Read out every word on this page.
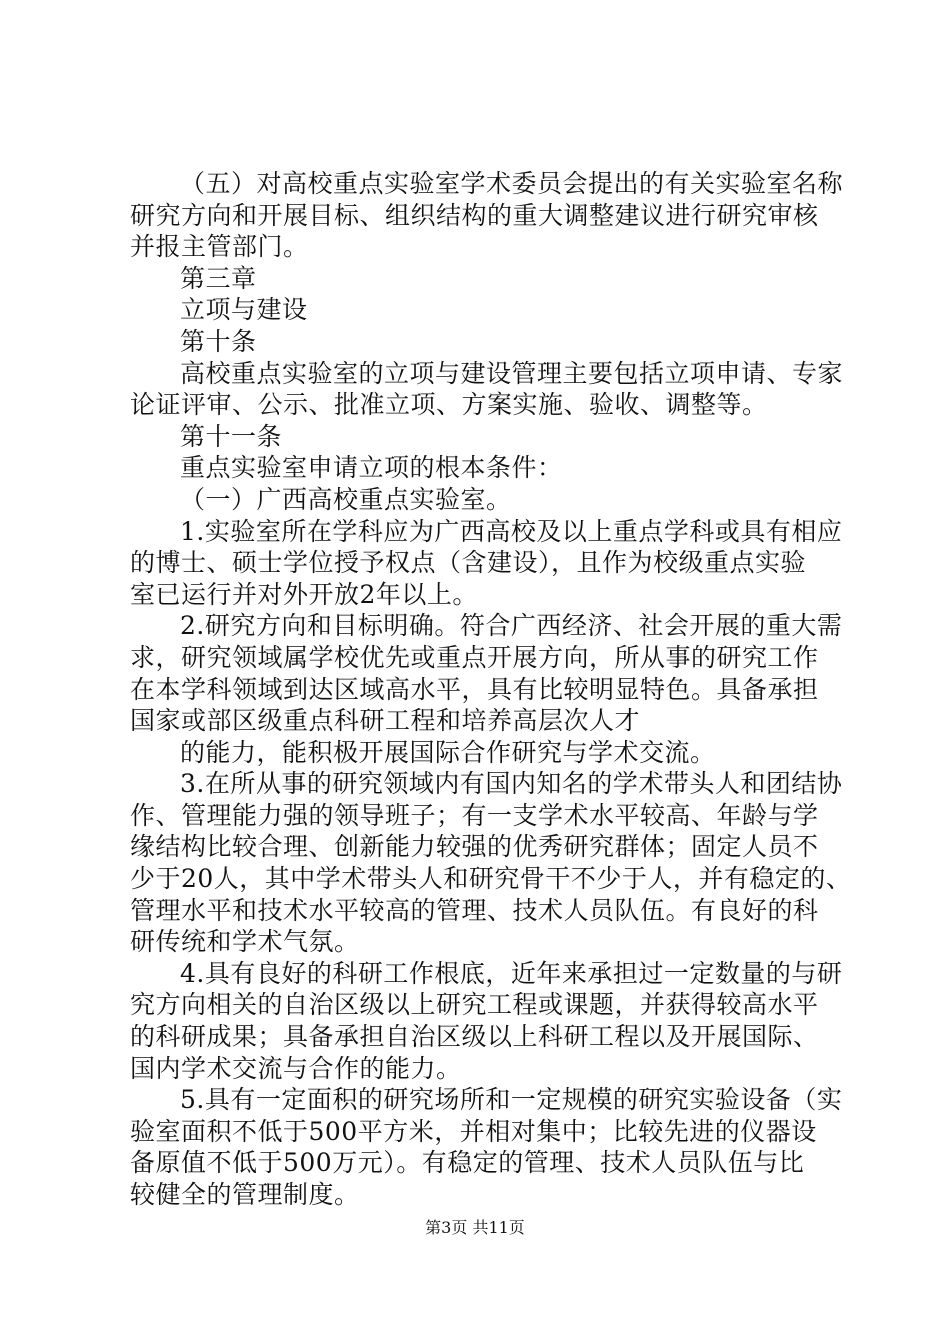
（五）对高校重点实验室学术委员会提出的有关实验室名称
研究方向和开展目标、组织结构的重大调整建议进行研究审核
并报主管部门。
第三章
立项与建设
第十条
高校重点实验室的立项与建设管理主要包括立项申请、专家
论证评审、公示、批准立项、方案实施、验收、调整等。
第十一条
重点实验室申请立项的根本条件：
（一）广西高校重点实验室。
1.实验室所在学科应为广西高校及以上重点学科或具有相应
的博士、硕士学位授予权点（含建设），且作为校级重点实验
室已运行并对外开放2年以上。
2.研究方向和目标明确。符合广西经济、社会开展的重大需
求，研究领域属学校优先或重点开展方向，所从事的研究工作
在本学科领域到达区域高水平，具有比较明显特色。具备承担
国家或部区级重点科研工程和培养高层次人才
的能力，能积极开展国际合作研究与学术交流。
3.在所从事的研究领域内有国内知名的学术带头人和团结协
作、管理能力强的领导班子；有一支学术水平较高、年龄与学
缘结构比较合理、创新能力较强的优秀研究群体；固定人员不
少于20人，其中学术带头人和研究骨干不少于人，并有稳定的、
管理水平和技术水平较高的管理、技术人员队伍。有良好的科
研传统和学术气氛。
4.具有良好的科研工作根底，近年来承担过一定数量的与研
究方向相关的自治区级以上研究工程或课题，并获得较高水平
的科研成果；具备承担自治区级以上科研工程以及开展国际、
国内学术交流与合作的能力。
5.具有一定面积的研究场所和一定规模的研究实验设备（实
验室面积不低于500平方米，并相对集中；比较先进的仪器设
备原值不低于500万元）。有稳定的管理、技术人员队伍与比
较健全的管理制度。
第3页 共11页
